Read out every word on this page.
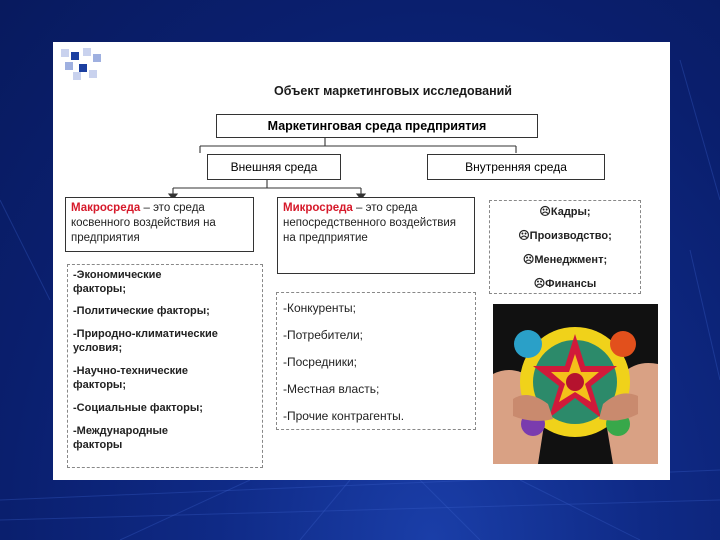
Объект маркетинговых исследований
Маркетинговая среда предприятия
Внешняя среда	Внутренняя среда
Макросреда – это среда косвенного воздействия на предприятия
Микросреда – это среда непосредственного воздействия на предприятие
-Экономические факторы;
-Политические факторы;
-Природно-климатические условия;
-Научно-технические факторы;
-Социальные факторы;
-Международные факторы
-Конкуренты;
-Потребители;
-Посредники;
-Местная власть;
-Прочие контрагенты.
☹Кадры;
☹Производство;
☹Менеджмент;
☹Финансы
